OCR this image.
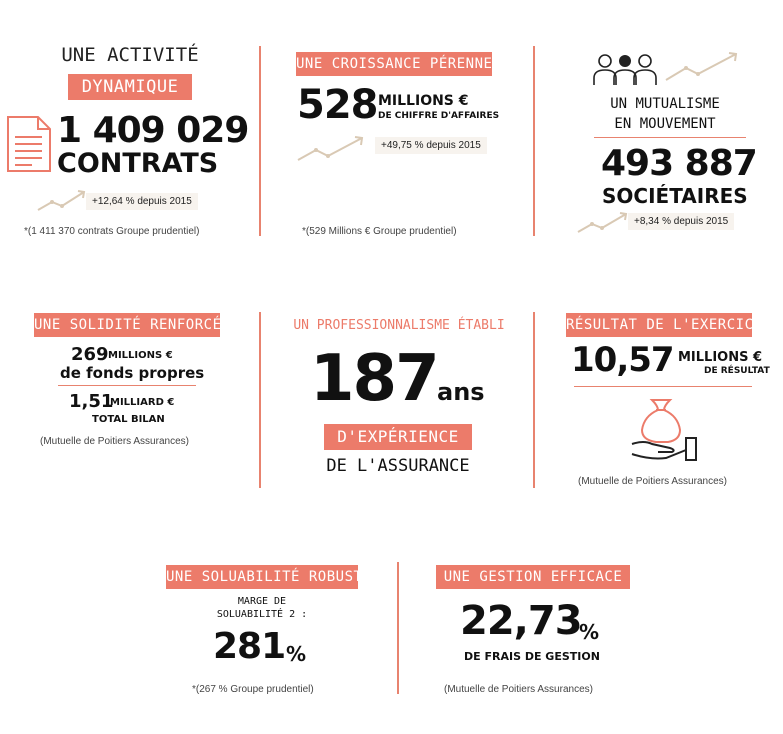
UNE ACTIVITÉ
DYNAMIQUE
1 409 029
CONTRATS
+12,64 % depuis 2015
*(1 411 370 contrats Groupe prudentiel)
UNE CROISSANCE PÉRENNE
528 MILLIONS €
DE CHIFFRE D'AFFAIRES
+49,75 % depuis 2015
*(529 Millions € Groupe prudentiel)
UN MUTUALISME
EN MOUVEMENT
493 887
SOCIÉTAIRES
+8,34 % depuis 2015
UNE SOLIDITÉ RENFORCÉE
269 MILLIONS €
de fonds propres
1,51
MILLIARD €
TOTAL BILAN
(Mutuelle de Poitiers Assurances)
UN PROFESSIONNALISME ÉTABLI
187 ans
D'EXPÉRIENCE
DE L'ASSURANCE
RÉSULTAT DE L'EXERCICE
10,57 MILLIONS €
DE RÉSULTAT
(Mutuelle de Poitiers Assurances)
UNE SOLUABILITÉ ROBUSTE
MARGE DE
SOLUABILITÉ 2 :
281 %
*(267 % Groupe prudentiel)
UNE GESTION EFFICACE
22,73
%
DE FRAIS DE GESTION
(Mutuelle de Poitiers Assurances)
